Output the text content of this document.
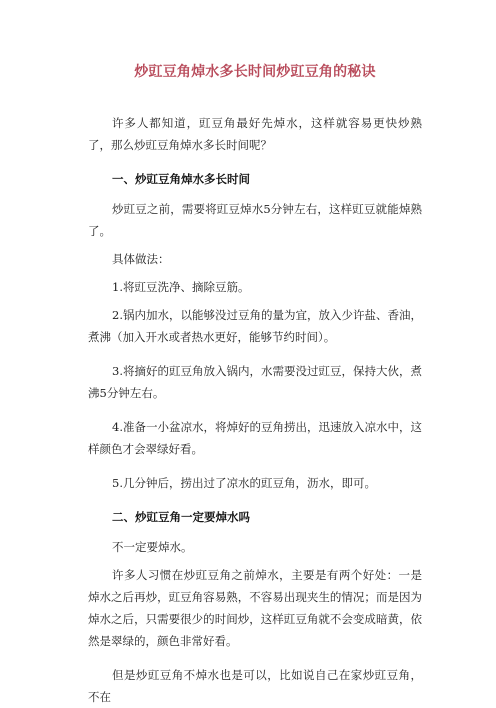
炒豇豆角焯水多长时间炒豇豆角的秘诀

许多人都知道，豇豆角最好先焯水，这样就容易更快炒熟了，那么炒豇豆角焯水多长时间呢？

一、炒豇豆角焯水多长时间

炒豇豆之前，需要将豇豆焯水5分钟左右，这样豇豆就能焯熟了。

具体做法：

1.将豇豆洗净、摘除豆筋。

2.锅内加水，以能够没过豆角的量为宜，放入少许盐、香油，煮沸（加入开水或者热水更好，能够节约时间）。

3.将摘好的豇豆角放入锅内，水需要没过豇豆，保持大伙，煮沸5分钟左右。

4.准备一小盆凉水，将焯好的豆角捞出，迅速放入凉水中，这样颜色才会翠绿好看。

5.几分钟后，捞出过了凉水的豇豆角，沥水，即可。

二、炒豇豆角一定要焯水吗

不一定要焯水。

许多人习惯在炒豇豆角之前焯水，主要是有两个好处：一是焯水之后再炒，豇豆角容易熟，不容易出现夹生的情况；而是因为焯水之后，只需要很少的时间炒，这样豇豆角就不会变成暗黄，依然是翠绿的，颜色非常好看。

但是炒豇豆角不焯水也是可以，比如说自己在家炒豇豆角，不在
